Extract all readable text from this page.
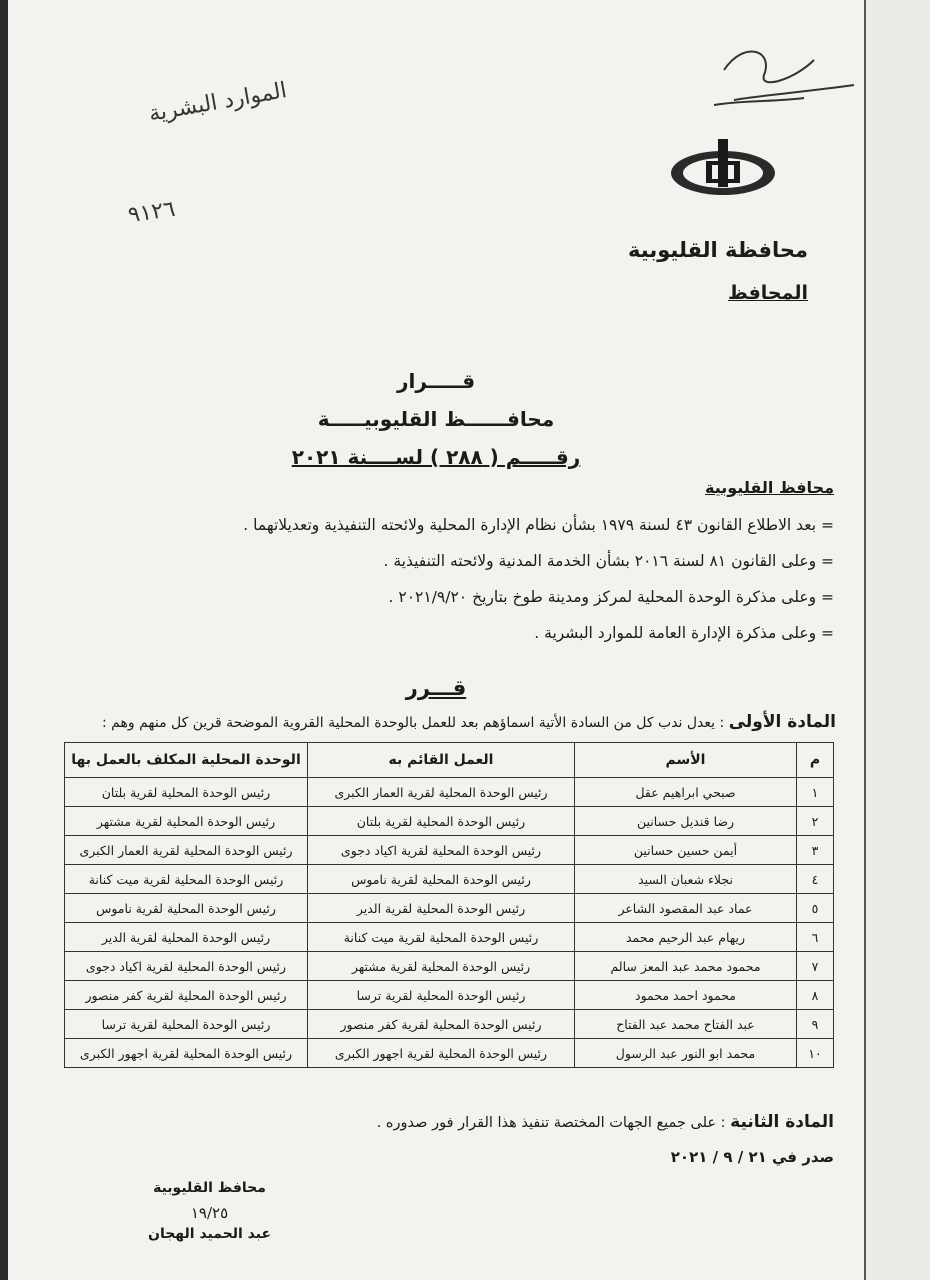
الموارد البشرية
٩١٢٦
محافظة القليوبية
المحافظ
قـــــرار
محافــــــظ القليوبيـــــة
رقـــــم ( ٢٨٨ ) لســــنة ٢٠٢١
محافظ القليوبية
= بعد الاطلاع القانون ٤٣ لسنة ١٩٧٩ بشأن نظام الإدارة المحلية ولائحته التنفيذية وتعديلاتهما .
= وعلى القانون ٨١ لسنة ٢٠١٦ بشأن الخدمة المدنية ولائحته التنفيذية .
= وعلى مذكرة الوحدة المحلية لمركز ومدينة طوخ بتاريخ ٢٠٢١/٩/٢٠ .
= وعلى مذكرة الإدارة العامة للموارد البشرية .
قـــرر
المادة الأولى : يعدل ندب كل من السادة الأتية اسماؤهم بعد للعمل بالوحدة المحلية القروية الموضحة قرين كل منهم وهم :
م	الأسم	العمل القائم به	الوحدة المحلية المكلف بالعمل بها
١	صبحي ابراهيم عقل	رئيس الوحدة المحلية لقرية العمار الكبرى	رئيس الوحدة المحلية لقرية بلتان
٢	رضا قنديل حسانين	رئيس الوحدة المحلية لقرية بلتان	رئيس الوحدة المحلية لقرية مشتهر
٣	أيمن حسين حسانين	رئيس الوحدة المحلية لقرية اكياد دجوى	رئيس الوحدة المحلية لقرية العمار الكبرى
٤	نجلاء شعبان السيد	رئيس الوحدة المحلية لقرية ناموس	رئيس الوحدة المحلية لقرية ميت كنانة
٥	عماد عبد المقصود الشاعر	رئيس الوحدة المحلية لقرية الدير	رئيس الوحدة المحلية لقرية ناموس
٦	ريهام عبد الرحيم محمد	رئيس الوحدة المحلية لقرية ميت كنانة	رئيس الوحدة المحلية لقرية الدير
٧	محمود محمد عبد المعز سالم	رئيس الوحدة المحلية لقرية مشتهر	رئيس الوحدة المحلية لقرية اكياد دجوى
٨	محمود احمد محمود	رئيس الوحدة المحلية لقرية ترسا	رئيس الوحدة المحلية لقرية كفر منصور
٩	عبد الفتاح محمد عبد الفتاح	رئيس الوحدة المحلية لقرية كفر منصور	رئيس الوحدة المحلية لقرية ترسا
١٠	محمد ابو النور عبد الرسول	رئيس الوحدة المحلية لقرية اجهور الكبرى	رئيس الوحدة المحلية لقرية اجهور الكبرى
المادة الثانية : على جميع الجهات المختصة تنفيذ هذا القرار فور صدوره .
صدر في ٢١ / ٩ / ٢٠٢١
محافظ القليوبية
١٩/٢٥
عبد الحميد الهجان
